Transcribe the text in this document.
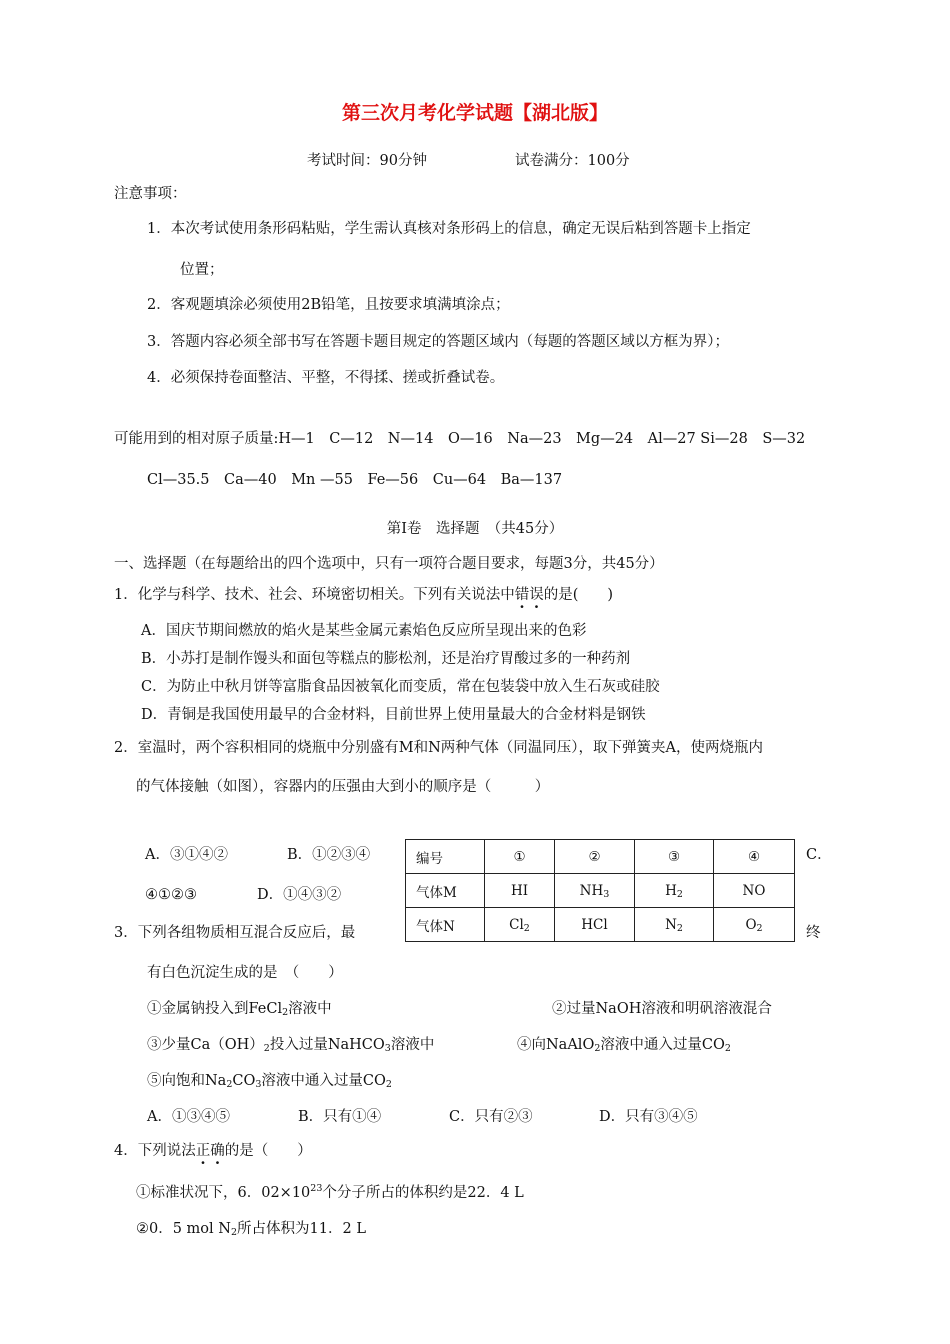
第三次月考化学试题【湖北版】
考试时间：90分钟	试卷满分：100分
注意事项：
1．本次考试使用条形码粘贴，学生需认真核对条形码上的信息，确定无误后粘到答题卡上指定
位置；
2．客观题填涂必须使用2B铅笔，且按要求填满填涂点；
3．答题内容必须全部书写在答题卡题目规定的答题区域内（每题的答题区域以方框为界）；
4．必须保持卷面整洁、平整，不得揉、搓或折叠试卷。
可能用到的相对原子质量:H—1　C—12　N—14　O—16　Na—23　Mg—24　Al—27 Si—28　S—32
Cl—35.5　Ca—40　Mn —55　Fe—56　Cu—64　Ba—137
第Ⅰ卷　选择题　（共45分）
一、选择题（在每题给出的四个选项中，只有一项符合题目要求，每题3分，共45分）
1．化学与科学、技术、社会、环境密切相关。下列有关说法中错误的是(　　)
A．国庆节期间燃放的焰火是某些金属元素焰色反应所呈现出来的色彩
B．小苏打是制作馒头和面包等糕点的膨松剂，还是治疗胃酸过多的一种药剂
C．为防止中秋月饼等富脂食品因被氧化而变质，常在包装袋中放入生石灰或硅胶
D．青铜是我国使用最早的合金材料，目前世界上使用量最大的合金材料是钢铁
2．室温时，两个容积相同的烧瓶中分别盛有M和N两种气体（同温同压），取下弹簧夹A，使两烧瓶内
的气体接触（如图），容器内的压强由大到小的顺序是（　　　）
A．③①④②	B．①②③④	C．
④①②③	D．①④③②
编号	①	②	③	④
气体M	HI	$NH_3$	$H_2$	NO
气体N	$Cl_2$	HCl	$N_2$	$O_2$
3．下列各组物质相互混合反应后，最	终
有白色沉淀生成的是　（　　）
①金属钠投入到FeCl$_2$溶液中	②过量NaOH溶液和明矾溶液混合
③少量$Ca(OH)_2$投入过量NaHCO$_3$溶液中	④向NaAlO$_2$溶液中通入过量$CO_2$
⑤向饱和$Na_2CO_3$溶液中通入过量$CO_2$
A．①③④⑤	B．只有①④	C．只有②③	D．只有③④⑤
4．下列说法正确的是（　　）
①标准状况下，6．$02\times 10^{23}$个分子所占的体积约是22．4 L
②0．5 mol $N_2$所占体积为11．2 L
